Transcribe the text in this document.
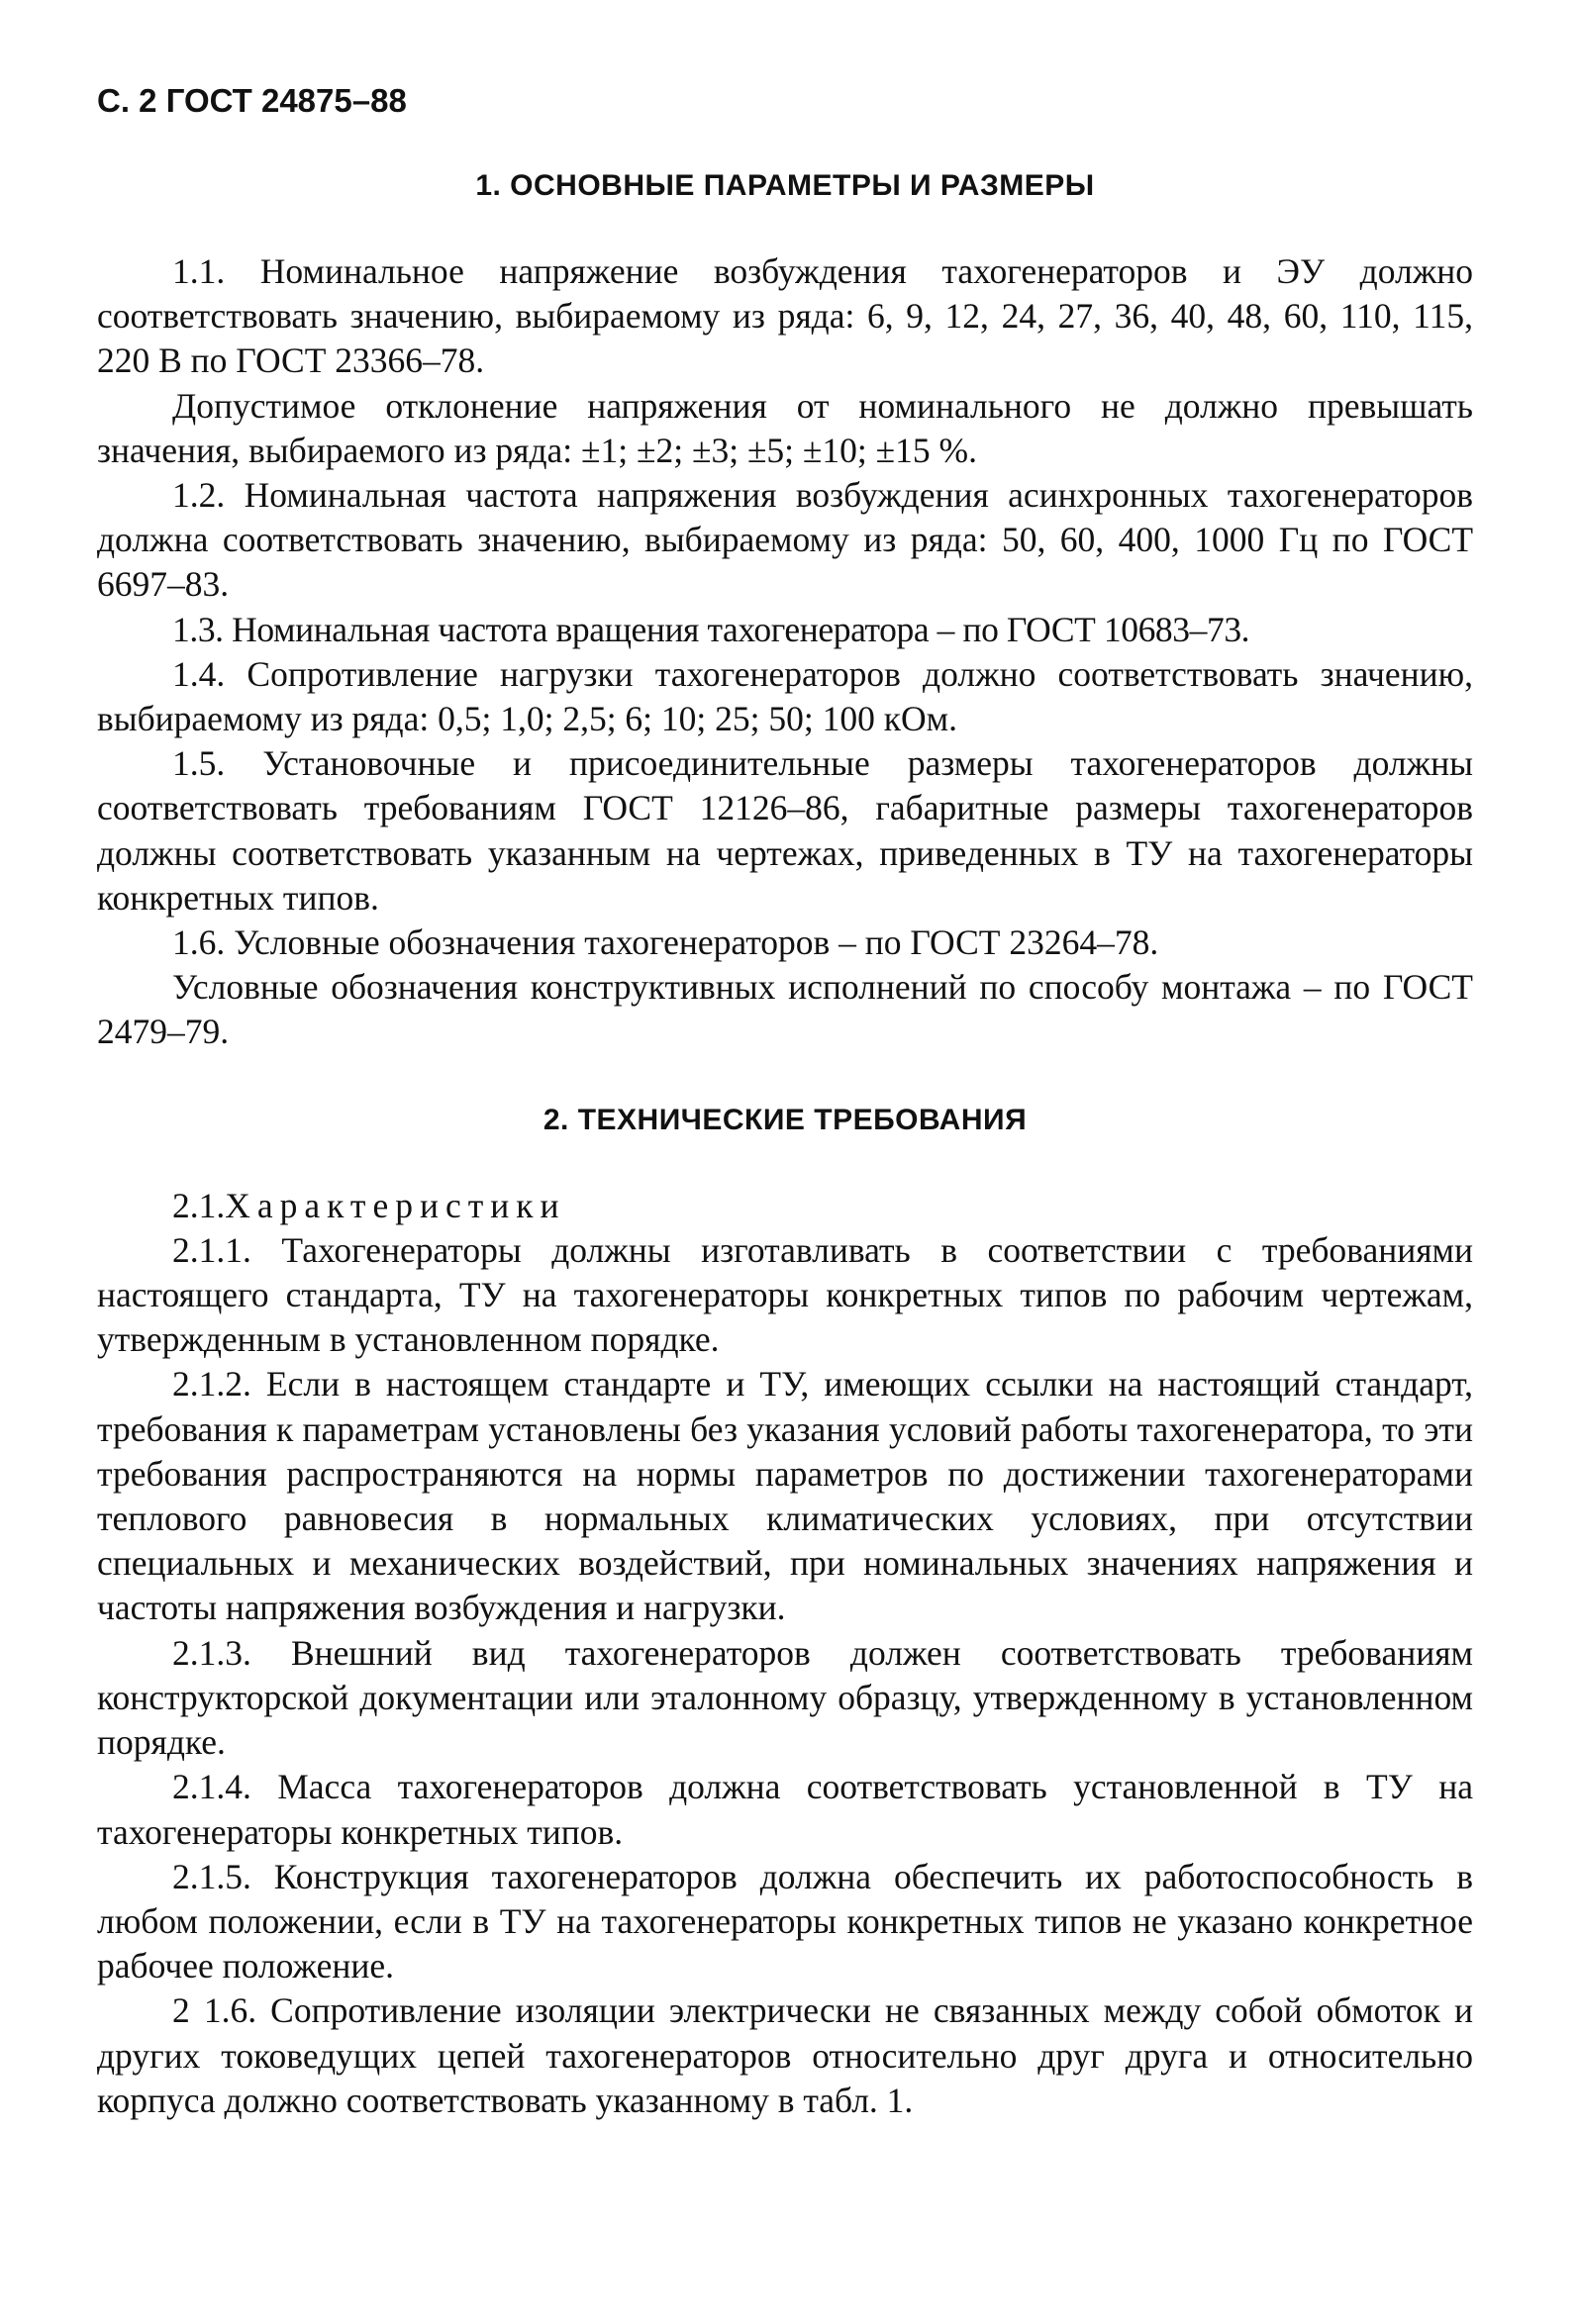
С. 2 ГОСТ 24875–88
1. ОСНОВНЫЕ ПАРАМЕТРЫ И РАЗМЕРЫ

1.1. Номинальное напряжение возбуждения тахогенераторов и ЭУ должно соответствовать значению, выбираемому из ряда: 6, 9, 12, 24, 27, 36, 40, 48, 60, 110, 115, 220 В по ГОСТ 23366–78.

Допустимое отклонение напряжения от номинального не должно превышать значения, выбираемого из ряда: ±1; ±2; ±3; ±5; ±10; ±15 %.

1.2. Номинальная частота напряжения возбуждения асинхронных тахогенераторов должна соответствовать значению, выбираемому из ряда: 50, 60, 400, 1000 Гц по ГОСТ 6697–83.

1.3. Номинальная частота вращения тахогенератора – по ГОСТ 10683–73.

1.4. Сопротивление нагрузки тахогенераторов должно соответствовать значению, выбираемому из ряда: 0,5; 1,0; 2,5; 6; 10; 25; 50; 100 кОм.

1.5. Установочные и присоединительные размеры тахогенераторов должны соответствовать требованиям ГОСТ 12126–86, габаритные размеры тахогенераторов должны соответствовать указанным на чертежах, приведенных в ТУ на тахогенераторы конкретных типов.

1.6. Условные обозначения тахогенераторов – по ГОСТ 23264–78.

Условные обозначения конструктивных исполнений по способу монтажа – по ГОСТ 2479–79.

2. ТЕХНИЧЕСКИЕ ТРЕБОВАНИЯ

2.1.Характеристики

2.1.1. Тахогенераторы должны изготавливать в соответствии с требованиями настоящего стандарта, ТУ на тахогенераторы конкретных типов по рабочим чертежам, утвержденным в установленном порядке.

2.1.2. Если в настоящем стандарте и ТУ, имеющих ссылки на настоящий стандарт, требования к параметрам установлены без указания условий работы тахогенератора, то эти требования распространяются на нормы параметров по достижении тахогенераторами теплового равновесия в нормальных климатических условиях, при отсутствии специальных и механических воздействий, при номинальных значениях напряжения и частоты напряжения возбуждения и нагрузки.

2.1.3. Внешний вид тахогенераторов должен соответствовать требованиям конструкторской документации или эталонному образцу, утвержденному в установленном порядке.

2.1.4. Масса тахогенераторов должна соответствовать установленной в ТУ на тахогенераторы конкретных типов.

2.1.5. Конструкция тахогенераторов должна обеспечить их работоспособность в любом положении, если в ТУ на тахогенераторы конкретных типов не указано конкретное рабочее положение.

2 1.6. Сопротивление изоляции электрически не связанных между собой обмоток и других токоведущих цепей тахогенераторов относительно друг друга и относительно корпуса должно соответствовать указанному в табл. 1.
